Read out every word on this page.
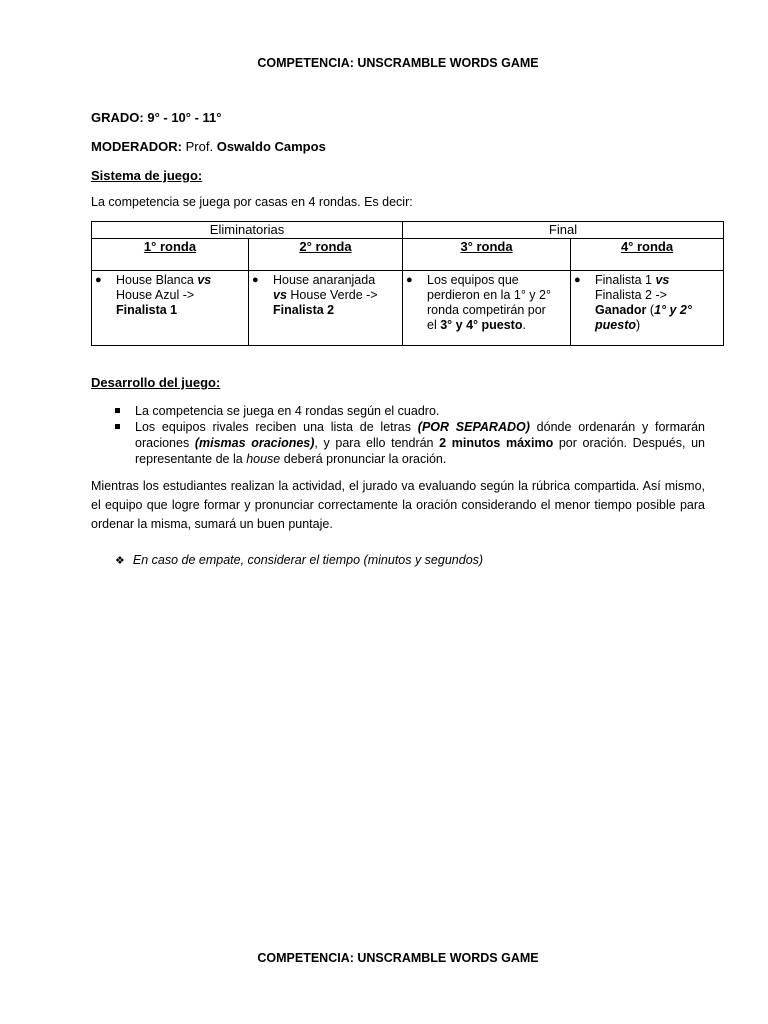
COMPETENCIA: UNSCRAMBLE WORDS GAME
GRADO: 9° - 10° - 11°
MODERADOR: Prof. Oswaldo Campos
Sistema de juego:
La competencia se juega por casas en 4 rondas. Es decir:
Eliminatorias		Final	
1° ronda	2° ronda	3° ronda	4° ronda

● House Blanca vs
House Azul ->
Finalista 1	● House anaranjada
vs House Verde ->
Finalista 2	● Los equipos que
perdieron en la 1° y 2°
ronda competirán por
el 3° y 4° puesto.	● Finalista 1 vs
Finalista 2 ->
Ganador (1° y 2°
puesto)
Desarrollo del juego:
La competencia se juega en 4 rondas según el cuadro.
Los equipos rivales reciben una lista de letras (POR SEPARADO) dónde ordenarán y formarán oraciones (mismas oraciones), y para ello tendrán 2 minutos máximo por oración. Después, un representante de la house deberá pronunciar la oración.
Mientras los estudiantes realizan la actividad, el jurado va evaluando según la rúbrica compartida. Así mismo, el equipo que logre formar y pronunciar correctamente la oración considerando el menor tiempo posible para ordenar la misma, sumará un buen puntaje.
❖ En caso de empate, considerar el tiempo (minutos y segundos)
COMPETENCIA: UNSCRAMBLE WORDS GAME
